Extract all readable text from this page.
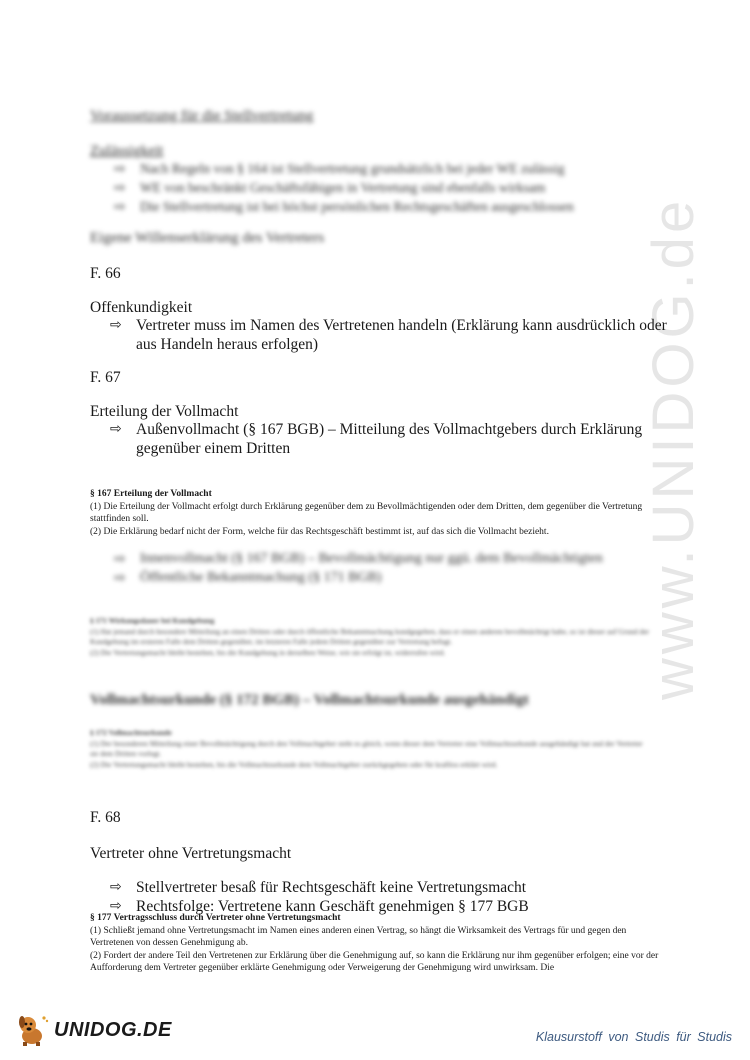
www.UNIDOG.de
Voraussetzung für die Stellvertretung
Zulässigkeit
⇨	Nach Regeln von § 164 ist Stellvertretung grundsätzlich bei jeder WE zulässig
⇨	WE von beschränkt Geschäftsfähigen in Vertretung sind ebenfalls wirksam
⇨	Die Stellvertretung ist bei höchst persönlichen Rechtsgeschäften ausgeschlossen
Eigene Willenserklärung des Vertreters
F. 66
Offenkundigkeit
⇨ Vertreter muss im Namen des Vertretenen handeln (Erklärung kann ausdrücklich oder aus Handeln heraus erfolgen)
F. 67
Erteilung der Vollmacht
⇨ Außenvollmacht (§ 167 BGB) – Mitteilung des Vollmachtgebers durch Erklärung gegenüber einem Dritten
§ 167 Erteilung der Vollmacht
(1) Die Erteilung der Vollmacht erfolgt durch Erklärung gegenüber dem zu Bevollmächtigenden oder dem Dritten, dem gegenüber die Vertretung stattfinden soll.
(2) Die Erklärung bedarf nicht der Form, welche für das Rechtsgeschäft bestimmt ist, auf das sich die Vollmacht bezieht.
⇨	Innenvollmacht (§ 167 BGB) – Bevollmächtigung nur ggü. dem Bevollmächtigten
⇨	Öffentliche Bekanntmachung (§ 171 BGB)
§ 171 Wirkungsdauer bei Kundgebung
(1) Hat jemand durch besondere Mitteilung an einen Dritten oder durch öffentliche Bekanntmachung kundgegeben, dass er einen anderen bevollmächtigt habe, so ist dieser auf Grund der Kundgebung im ersteren Falle dem Dritten gegenüber, im letzteren Falle jedem Dritten gegenüber zur Vertretung befugt.
(2) Die Vertretungsmacht bleibt bestehen, bis die Kundgebung in derselben Weise, wie sie erfolgt ist, widerrufen wird.
Vollmachtsurkunde (§ 172 BGB) – Vollmachtsurkunde ausgehändigt
§ 172 Vollmachtsurkunde
(1) Der besonderen Mitteilung einer Bevollmächtigung durch den Vollmachtgeber steht es gleich, wenn dieser dem Vertreter eine Vollmachtsurkunde ausgehändigt hat und der Vertreter sie dem Dritten vorlegt.
(2) Die Vertretungsmacht bleibt bestehen, bis die Vollmachtsurkunde dem Vollmachtgeber zurückgegeben oder für kraftlos erklärt wird.
F. 68
Vertreter ohne Vertretungsmacht
⇨ Stellvertreter besaß für Rechtsgeschäft keine Vertretungsmacht
⇨ Rechtsfolge: Vertretene kann Geschäft genehmigen § 177 BGB
§ 177 Vertragsschluss durch Vertreter ohne Vertretungsmacht
(1) Schließt jemand ohne Vertretungsmacht im Namen eines anderen einen Vertrag, so hängt die Wirksamkeit des Vertrags für und gegen den Vertretenen von dessen Genehmigung ab.
(2) Fordert der andere Teil den Vertretenen zur Erklärung über die Genehmigung auf, so kann die Erklärung nur ihm gegenüber erfolgen; eine vor der Aufforderung dem Vertreter gegenüber erklärte Genehmigung oder Verweigerung der Genehmigung wird unwirksam. Die
UNIDOG.DE	Klausurstoff von Studis für Studis
